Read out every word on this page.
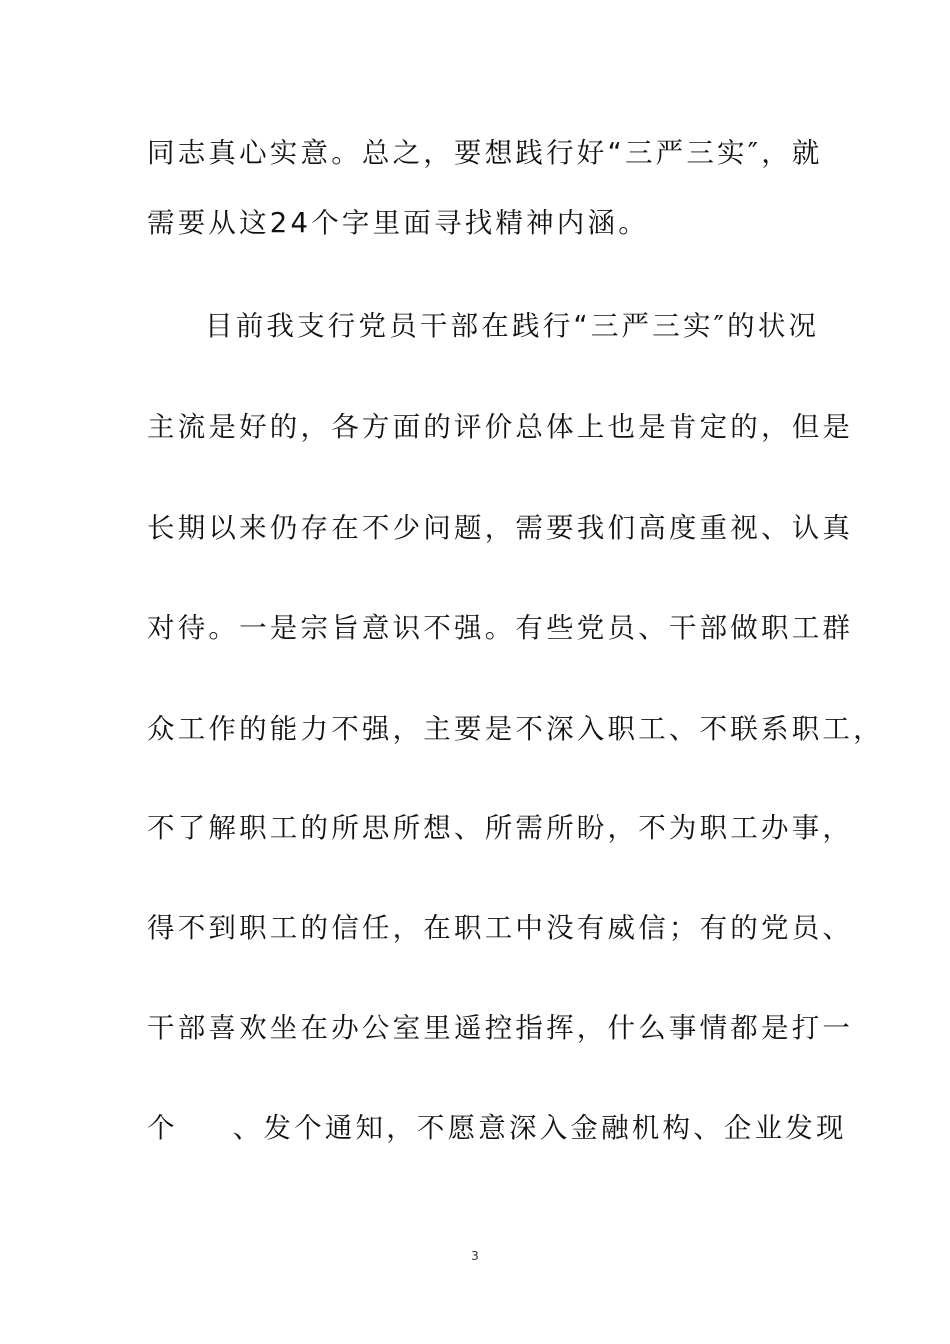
同志真心实意。总之，要想践行好“三严三实″，就
需要从这24个字里面寻找精神内涵。
目前我支行党员干部在践行“三严三实″的状况
主流是好的，各方面的评价总体上也是肯定的，但是
长期以来仍存在不少问题，需要我们高度重视、认真
对待。一是宗旨意识不强。有些党员、干部做职工群
众工作的能力不强，主要是不深入职工、不联系职工，
不了解职工的所思所想、所需所盼，不为职工办事，
得不到职工的信任，在职工中没有威信；有的党员、
干部喜欢坐在办公室里遥控指挥，什么事情都是打一
个 、发个通知，不愿意深入金融机构、企业发现
3
